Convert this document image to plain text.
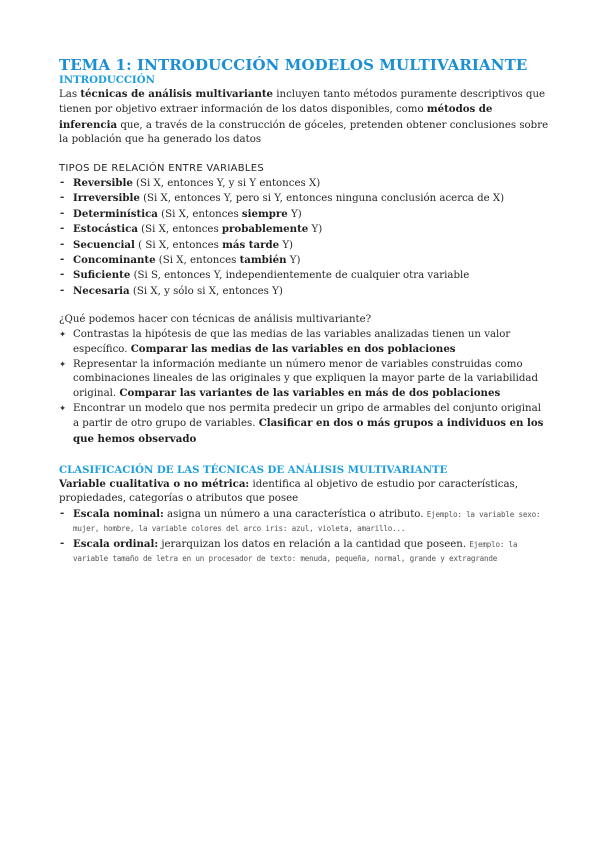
TEMA 1: INTRODUCCIÓN MODELOS MULTIVARIANTE
INTRODUCCIÓN

Las técnicas de análisis multivariante incluyen tanto métodos puramente descriptivos que tienen por objetivo extraer información de los datos disponibles, como métodos de inferencia que, a través de la construcción de góceles, pretenden obtener conclusiones sobre la población que ha generado los datos

TIPOS DE RELACIÓN ENTRE VARIABLES

- Reversible (Si X, entonces Y, y si Y entonces X)
- Irreversible (Si X, entonces Y, pero si Y, entonces ninguna conclusión acerca de X)
- Determinística (Si X, entonces siempre Y)
- Estocástica (Si X, entonces probablemente Y)
- Secuencial ( Si X, entonces más tarde Y)
- Concominante (Si X, entonces también Y)
- Suficiente (Si S, entonces Y, independientemente de cualquier otra variable
- Necesaria (Si X, y sólo si X, entonces Y)

¿Qué podemos hacer con técnicas de análisis multivariante?

✦ Contrastas la hipótesis de que las medias de las variables analizadas tienen un valor específico. Comparar las medias de las variables en dos poblaciones
✦ Representar la información mediante un número menor de variables construidas como combinaciones lineales de las originales y que expliquen la mayor parte de la variabilidad original. Comparar las variantes de las variables en más de dos poblaciones
✦ Encontrar un modelo que nos permita predecir un gripo de armables del conjunto original a partir de otro grupo de variables. Clasificar en dos o más grupos a individuos en los que hemos observado
CLASIFICACIÓN DE LAS TÉCNICAS DE ANÁLISIS MULTIVARIANTE

Variable cualitativa o no métrica: identifica al objetivo de estudio por características, propiedades, categorías o atributos que posee

- Escala nominal: asigna un número a una característica o atributo. Ejemplo: la variable sexo: mujer, hombre, la variable colores del arco iris: azul, violeta, amarillo...
- Escala ordinal: jerarquizan los datos en relación a la cantidad que poseen. Ejemplo: la variable tamaño de letra en un procesador de texto: menuda, pequeña, normal, grande y extragrande
